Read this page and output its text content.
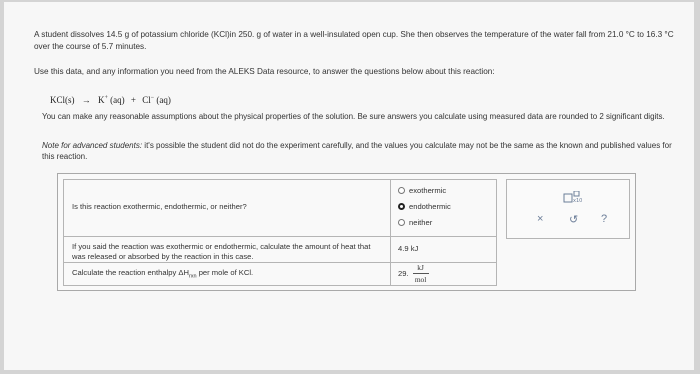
A student dissolves 14.5 g of potassium chloride (KCl)in 250. g of water in a well-insulated open cup. She then observes the temperature of the water fall from 21.0 °C to 16.3 °C over the course of 5.7 minutes.
Use this data, and any information you need from the ALEKS Data resource, to answer the questions below about this reaction:
KCl(s) → K+ (aq) + Cl− (aq)
You can make any reasonable assumptions about the physical properties of the solution. Be sure answers you calculate using measured data are rounded to 2 significant digits.
Note for advanced students: it's possible the student did not do the experiment carefully, and the values you calculate may not be the same as the known and published values for this reaction.
Is this reaction exothermic, endothermic, or neither?
exothermic
endothermic
neither
If you said the reaction was exothermic or endothermic, calculate the amount of heat that was released or absorbed by the reaction in this case.
4.9 kJ
Calculate the reaction enthalpy $\Delta H_{rxn}$ per mole of KCl.	29. $\frac{kJ}{\text{mol}}$
x10
× ↺ ?
